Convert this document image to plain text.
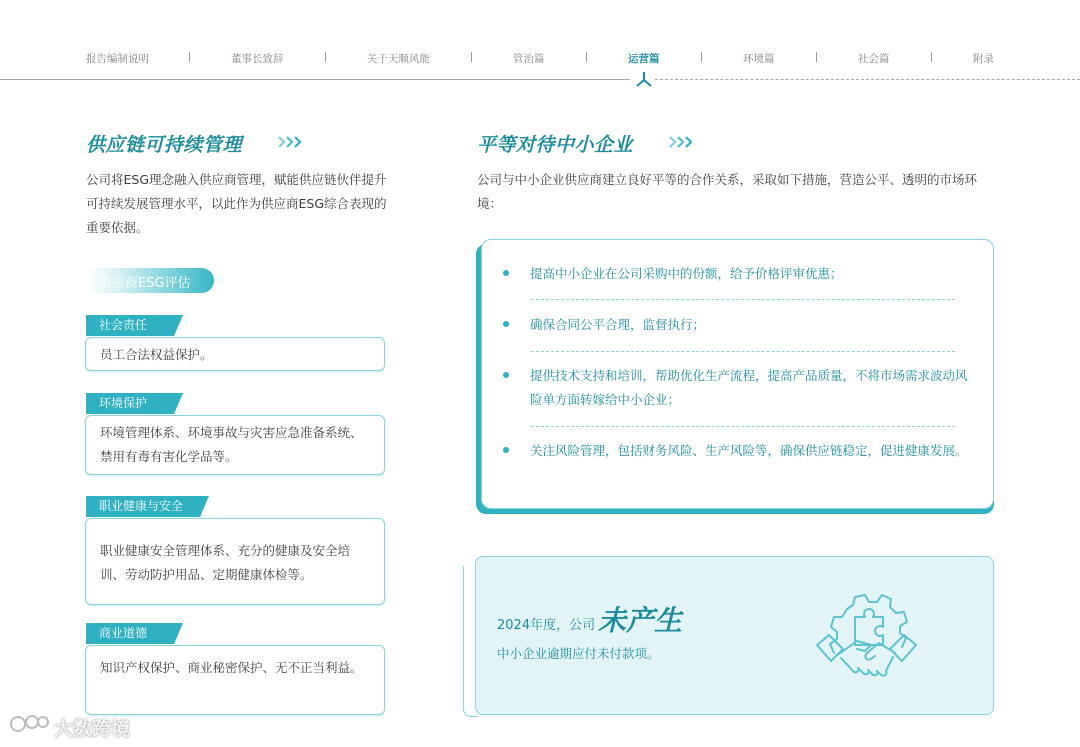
报告编制说明	董事长致辞	关于天顺风能	管治篇	运营篇	环境篇	社会篇	附录
供应链可持续管理
公司将ESG理念融入供应商管理，赋能供应链伙伴提升可持续发展管理水平，以此作为供应商ESG综合表现的重要依据。
供应商ESG评估
员工合法权益保护。
社会责任
环境管理体系、环境事故与灾害应急准备系统、禁用有毒有害化学品等。
环境保护
职业健康安全管理体系、充分的健康及安全培训、劳动防护用品、定期健康体检等。
职业健康与安全
知识产权保护、商业秘密保护、无不正当利益。
商业道德
平等对待中小企业
公司与中小企业供应商建立良好平等的合作关系，采取如下措施，营造公平、透明的市场环境：
提高中小企业在公司采购中的份额，给予价格评审优惠；
确保合同公平合理，监督执行；
提供技术支持和培训，帮助优化生产流程，提高产品质量，不将市场需求波动风险单方面转嫁给中小企业；
关注风险管理，包括财务风险、生产风险等，确保供应链稳定，促进健康发展。
2024年度，公司 未产生
中小企业逾期应付未付款项。
大数跨境
